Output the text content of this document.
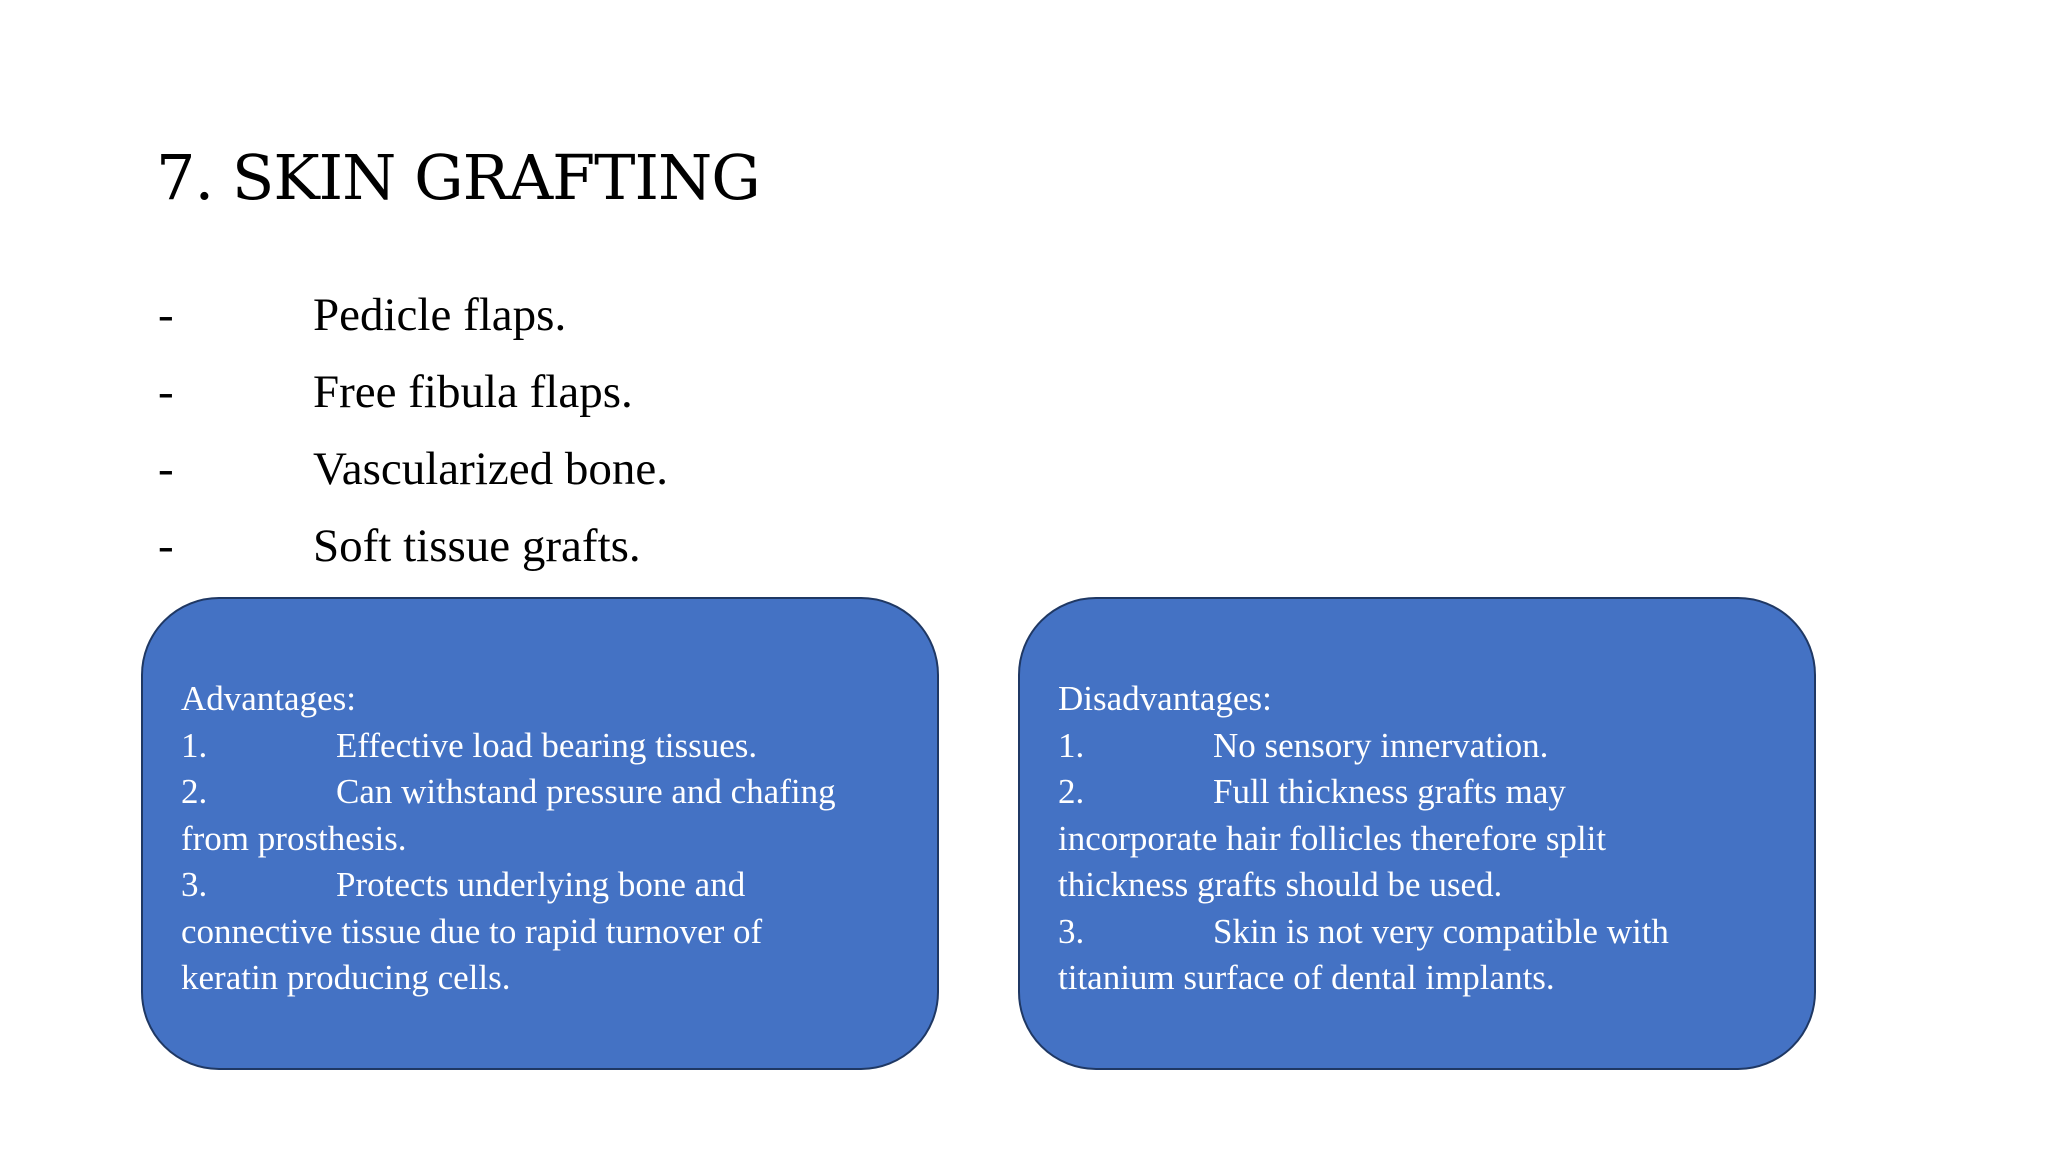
7. SKIN GRAFTING
-	Pedicle flaps.
-	Free fibula flaps.
-	Vascularized bone.
-	Soft tissue grafts.
Advantages:
1.	Effective load bearing tissues.
2.	Can withstand pressure and chafing
from prosthesis.
3.	Protects underlying bone and
connective tissue due to rapid turnover of
keratin producing cells.
Disadvantages:
1.	No sensory innervation.
2.	Full thickness grafts may
incorporate hair follicles therefore split
thickness grafts should be used.
3.	Skin is not very compatible with
titanium surface of dental implants.
